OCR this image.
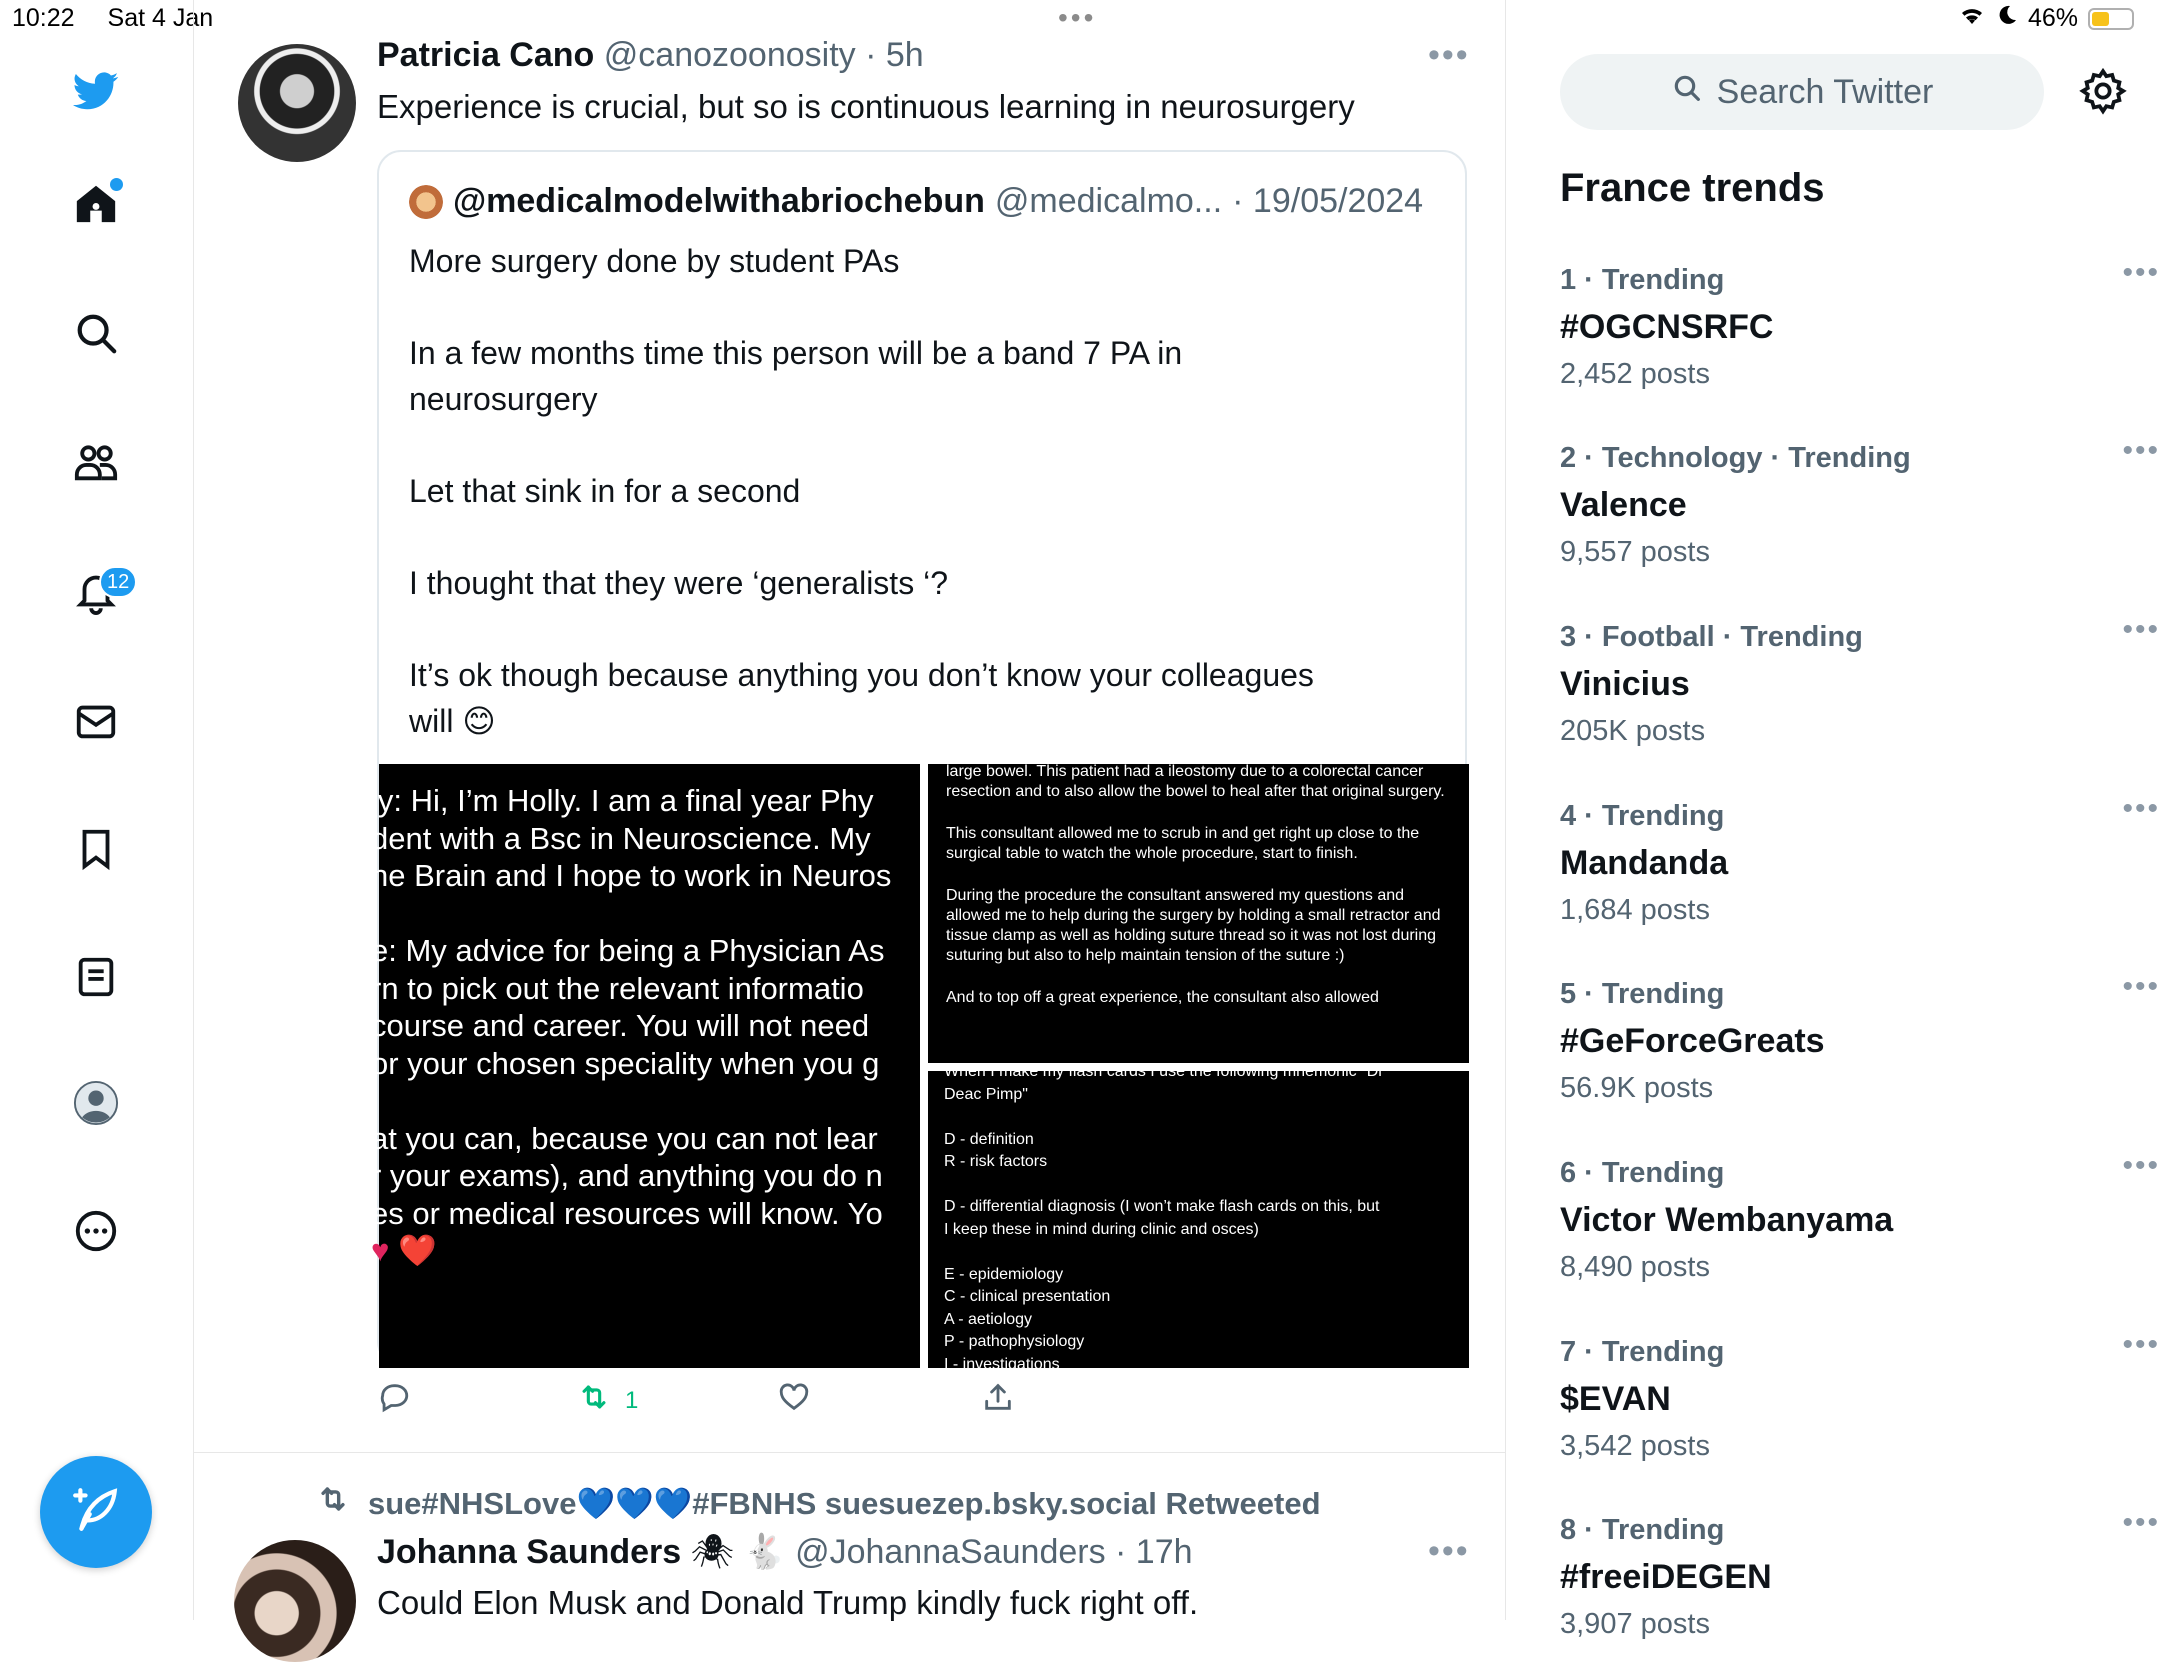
10:22 Sat 4 Jan	•••	46%
12
Patricia Cano @canozoonosity · 5h	•••
Experience is crucial, but so is continuous learning in neurosurgery
@medicalmodelwithabriochebun @medicalmo... · 19/05/2024

More surgery done by student PAs

In a few months time this person will be a band 7 PA in

neurosurgery

Let that sink in for a second

I thought that they were ‘generalists ‘?

It’s ok though because anything you don’t know your colleagues

will 😊

ly: Hi, I’m Holly. I am a final year Phy
dent with a Bsc in Neuroscience. My
he Brain and I hope to work in Neuros
e: My advice for being a Physician As
rn to pick out the relevant informatio
course and career. You will not need
or your chosen speciality when you g
at you can, because you can not lear
r your exams), and anything you do n
es or medical resources will know. Yo
♥ ❤️
large bowel. This patient had a ileostomy due to a colorectal cancer resection and to also allow the bowel to heal after that original surgery.
This consultant allowed me to scrub in and get right up close to the surgical table to watch the whole procedure, start to finish.
During the procedure the consultant answered my questions and allowed me to help during the surgery by holding a small retractor and tissue clamp as well as holding suture thread so it was not lost during suturing but also to help maintain tension of the suture :)
And to top off a great experience, the consultant also allowed
When I make my flash cards I use the following mnemonic "Dr
Deac Pimp"
D - definition
R - risk factors
D - differential diagnosis (I won’t make flash cards on this, but
I keep these in mind during clinic and osces)
E - epidemiology
C - clinical presentation
A - aetiology
P - pathophysiology
I - investigations
1
sue#NHSLove💙💙💙#FBNHS suesuezep.bsky.social Retweeted
Johanna Saunders 🕷 🐇 @JohannaSaunders · 17h	•••
Could Elon Musk and Donald Trump kindly fuck right off.
Search Twitter
France trends
1 · Trending
#OGCNSRFC
2,452 posts
•••
2 · Technology · Trending
Valence
9,557 posts
•••
3 · Football · Trending
Vinicius
205K posts
•••
4 · Trending
Mandanda
1,684 posts
•••
5 · Trending
#GeForceGreats
56.9K posts
•••
6 · Trending
Victor Wembanyama
8,490 posts
•••
7 · Trending
$EVAN
3,542 posts
•••
8 · Trending
#freeiDEGEN
3,907 posts
•••
